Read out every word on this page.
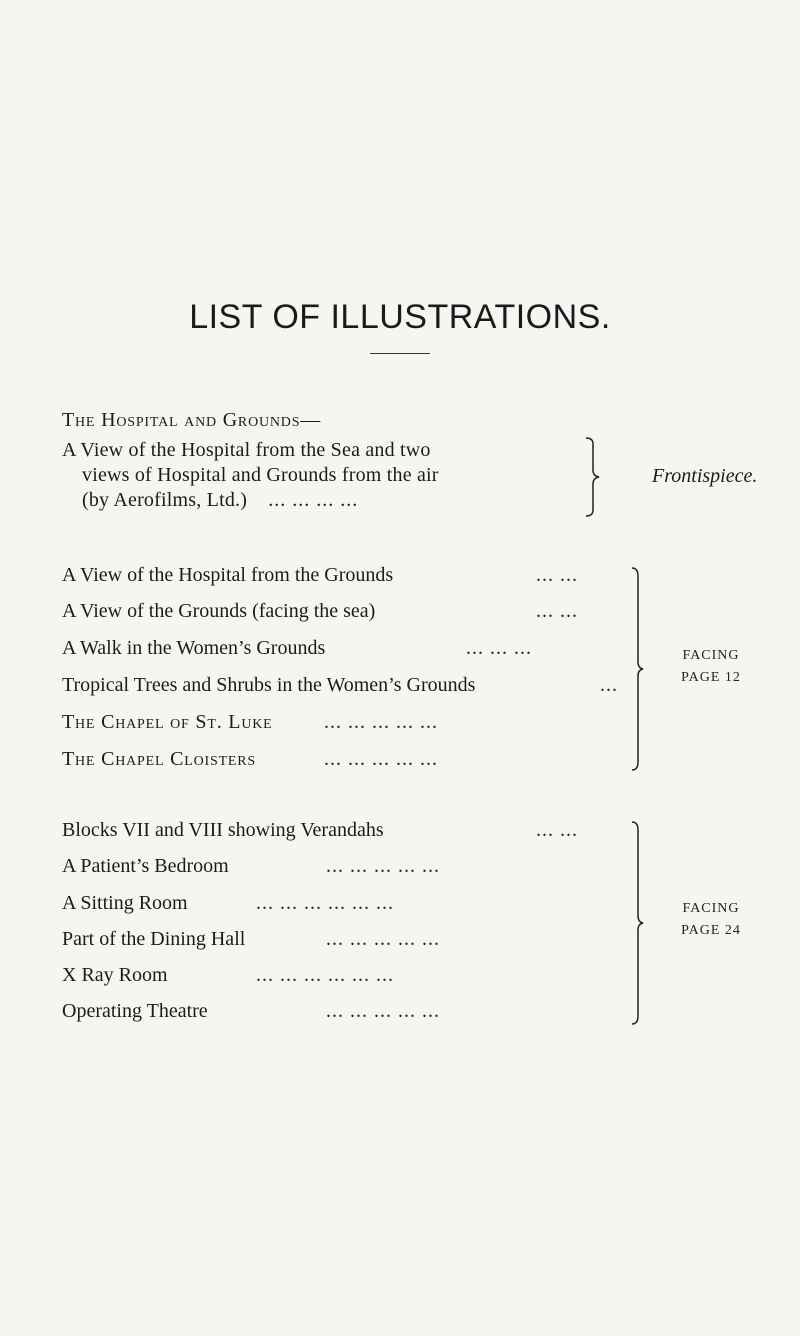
LIST OF ILLUSTRATIONS.
The Hospital and Grounds—
A View of the Hospital from the Sea and two
views of Hospital and Grounds from the air
(by Aerofilms, Ltd.) ... ... ... ...
Frontispiece.
A View of the Hospital from the Grounds	... ...
A View of the Grounds (facing the sea)	... ...
A Walk in the Women’s Grounds	... ... ...
Tropical Trees and Shrubs in the Women’s Grounds	...
The Chapel of St. Luke	... ... ... ... ...
The Chapel Cloisters	... ... ... ... ...
FACING
PAGE 12
Blocks VII and VIII showing Verandahs	... ...
A Patient’s Bedroom	... ... ... ... ...
A Sitting Room	... ... ... ... ... ...
Part of the Dining Hall	... ... ... ... ...
X Ray Room	... ... ... ... ... ...
Operating Theatre	... ... ... ... ...
FACING
PAGE 24
